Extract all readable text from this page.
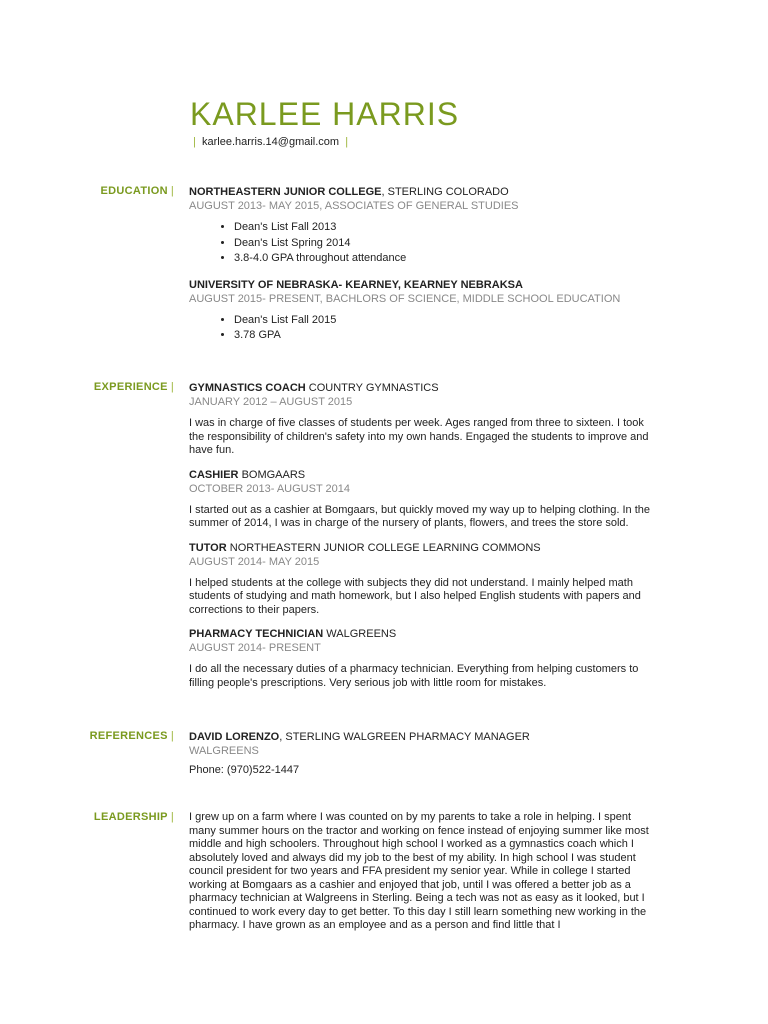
KARLEE HARRIS
| karlee.harris.14@gmail.com |
EDUCATION | NORTHEASTERN JUNIOR COLLEGE, STERLING COLORADO
AUGUST 2013- MAY 2015, ASSOCIATES OF GENERAL STUDIES
• Dean's List Fall 2013
• Dean's List Spring 2014
• 3.8-4.0 GPA throughout attendance
UNIVERSITY OF NEBRASKA- KEARNEY, KEARNEY NEBRAKSA
AUGUST 2015- PRESENT, BACHLORS OF SCIENCE, MIDDLE SCHOOL EDUCATION
• Dean's List Fall 2015
• 3.78 GPA
EXPERIENCE | GYMNASTICS COACH COUNTRY GYMNASTICS
JANUARY 2012 – AUGUST 2015
I was in charge of five classes of students per week. Ages ranged from three to sixteen. I took the responsibility of children's safety into my own hands. Engaged the students to improve and have fun.
CASHIER BOMGAARS
OCTOBER 2013- AUGUST 2014
I started out as a cashier at Bomgaars, but quickly moved my way up to helping clothing. In the summer of 2014, I was in charge of the nursery of plants, flowers, and trees the store sold.
TUTOR NORTHEASTERN JUNIOR COLLEGE LEARNING COMMONS
AUGUST 2014- MAY 2015
I helped students at the college with subjects they did not understand. I mainly helped math students of studying and math homework, but I also helped English students with papers and corrections to their papers.
PHARMACY TECHNICIAN WALGREENS
AUGUST 2014- PRESENT
I do all the necessary duties of a pharmacy technician. Everything from helping customers to filling people's prescriptions. Very serious job with little room for mistakes.
REFERENCES | DAVID LORENZO, STERLING WALGREEN PHARMACY MANAGER
WALGREENS
Phone: (970)522-1447
LEADERSHIP | I grew up on a farm where I was counted on by my parents to take a role in helping. I spent many summer hours on the tractor and working on fence instead of enjoying summer like most middle and high schoolers. Throughout high school I worked as a gymnastics coach which I absolutely loved and always did my job to the best of my ability. In high school I was student council president for two years and FFA president my senior year. While in college I started working at Bomgaars as a cashier and enjoyed that job, until I was offered a better job as a pharmacy technician at Walgreens in Sterling. Being a tech was not as easy as it looked, but I continued to work every day to get better. To this day I still learn something new working in the pharmacy. I have grown as an employee and as a person and find little that I
